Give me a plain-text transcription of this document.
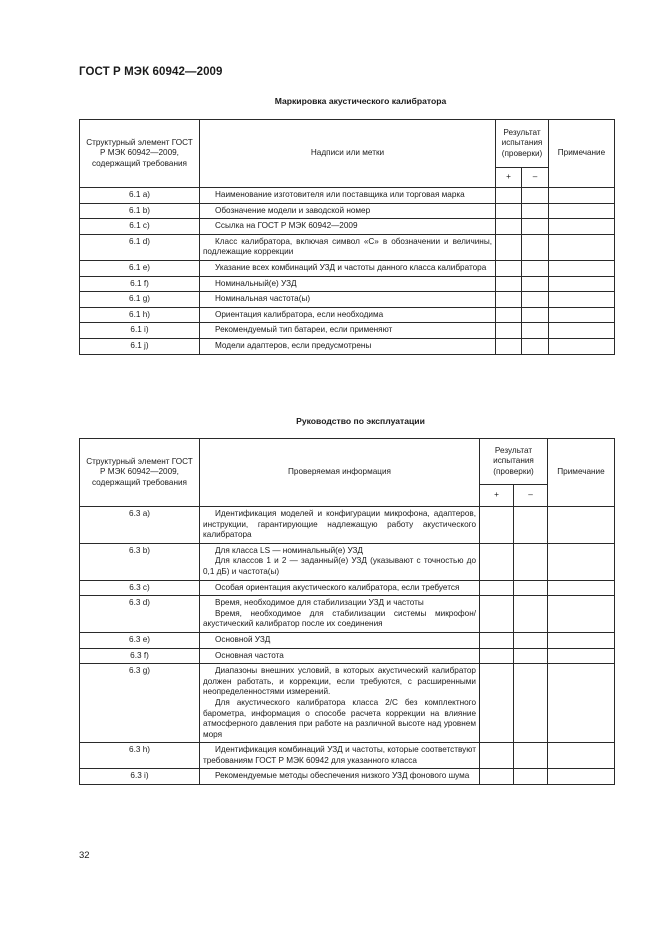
ГОСТ Р МЭК 60942—2009
Маркировка акустического калибратора
Структурный элемент ГОСТ Р МЭК 60942—2009, содержащий требования	Надписи или метки	Результат испытания (проверки)		Примечание
		+	–	
6.1 a)	Наименование изготовителя или поставщика или торговая марка			

6.1 b)	Обозначение модели и заводской номер			

6.1 c)	Ссылка на ГОСТ Р МЭК 60942—2009			

6.1 d)	Класс калибратора, включая символ «С» в обозначении и величины, подлежащие коррекции			

6.1 e)	Указание всех комбинаций УЗД и частоты данного класса калибратора			

6.1 f)	Номинальный(е) УЗД			

6.1 g)	Номинальная частота(ы)			

6.1 h)	Ориентация калибратора, если необходима			

6.1 i)	Рекомендуемый тип батареи, если применяют			

6.1 j)	Модели адаптеров, если предусмотрены			

Руководство по эксплуатации
Структурный элемент ГОСТ Р МЭК 60942—2009, содержащий требования	Проверяемая информация	Результат испытания (проверки)		Примечание
		+	–	
6.3 a)	Идентификация моделей и конфигурации микрофона, адаптеров, инструкции, гарантирующие надлежащую работу акустического калибратора			

6.3 b)	Для класса LS — номинальный(е) УЗД
Для классов 1 и 2 — заданный(е) УЗД (указывают с точностью до 0,1 дБ) и частота(ы)			

6.3 c)	Особая ориентация акустического калибратора, если требуется			

6.3 d)	Время, необходимое для стабилизации УЗД и частоты
Время, необходимое для стабилизации системы микрофон/акустический калибратор после их соединения			

6.3 e)	Основной УЗД			

6.3 f)	Основная частота			

6.3 g)	Диапазоны внешних условий, в которых акустический калибратор должен работать, и коррекции, если требуются, с расширенными неопределенностями измерений.
Для акустического калибратора класса 2/С без комплектного барометра, информация о способе расчета коррекции на влияние атмосферного давления при работе на различной высоте над уровнем моря			

6.3 h)	Идентификация комбинаций УЗД и частоты, которые соответствуют требованиям ГОСТ Р МЭК 60942 для указанного класса			

6.3 i)	Рекомендуемые методы обеспечения низкого УЗД фонового шума			

32
